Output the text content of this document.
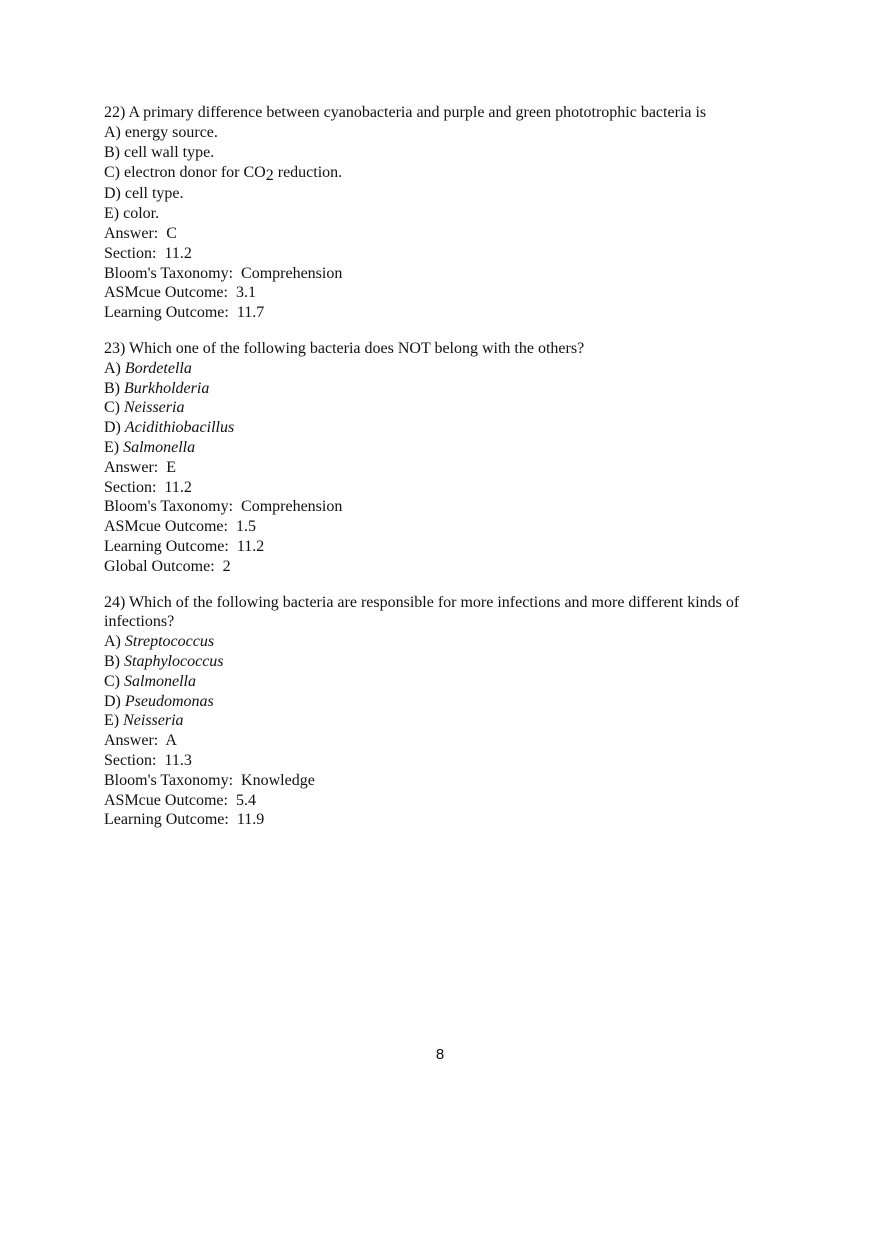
22) A primary difference between cyanobacteria and purple and green phototrophic bacteria is
A) energy source.
B) cell wall type.
C) electron donor for $CO_2$ reduction.
D) cell type.
E) color.
Answer: C
Section: 11.2
Bloom's Taxonomy: Comprehension
ASMcue Outcome: 3.1
Learning Outcome: 11.7
23) Which one of the following bacteria does NOT belong with the others?
A) Bordetella
B) Burkholderia
C) Neisseria
D) Acidithiobacillus
E) Salmonella
Answer: E
Section: 11.2
Bloom's Taxonomy: Comprehension
ASMcue Outcome: 1.5
Learning Outcome: 11.2
Global Outcome: 2
24) Which of the following bacteria are responsible for more infections and more different kinds of infections?
A) Streptococcus
B) Staphylococcus
C) Salmonella
D) Pseudomonas
E) Neisseria
Answer: A
Section: 11.3
Bloom's Taxonomy: Knowledge
ASMcue Outcome: 5.4
Learning Outcome: 11.9
8
